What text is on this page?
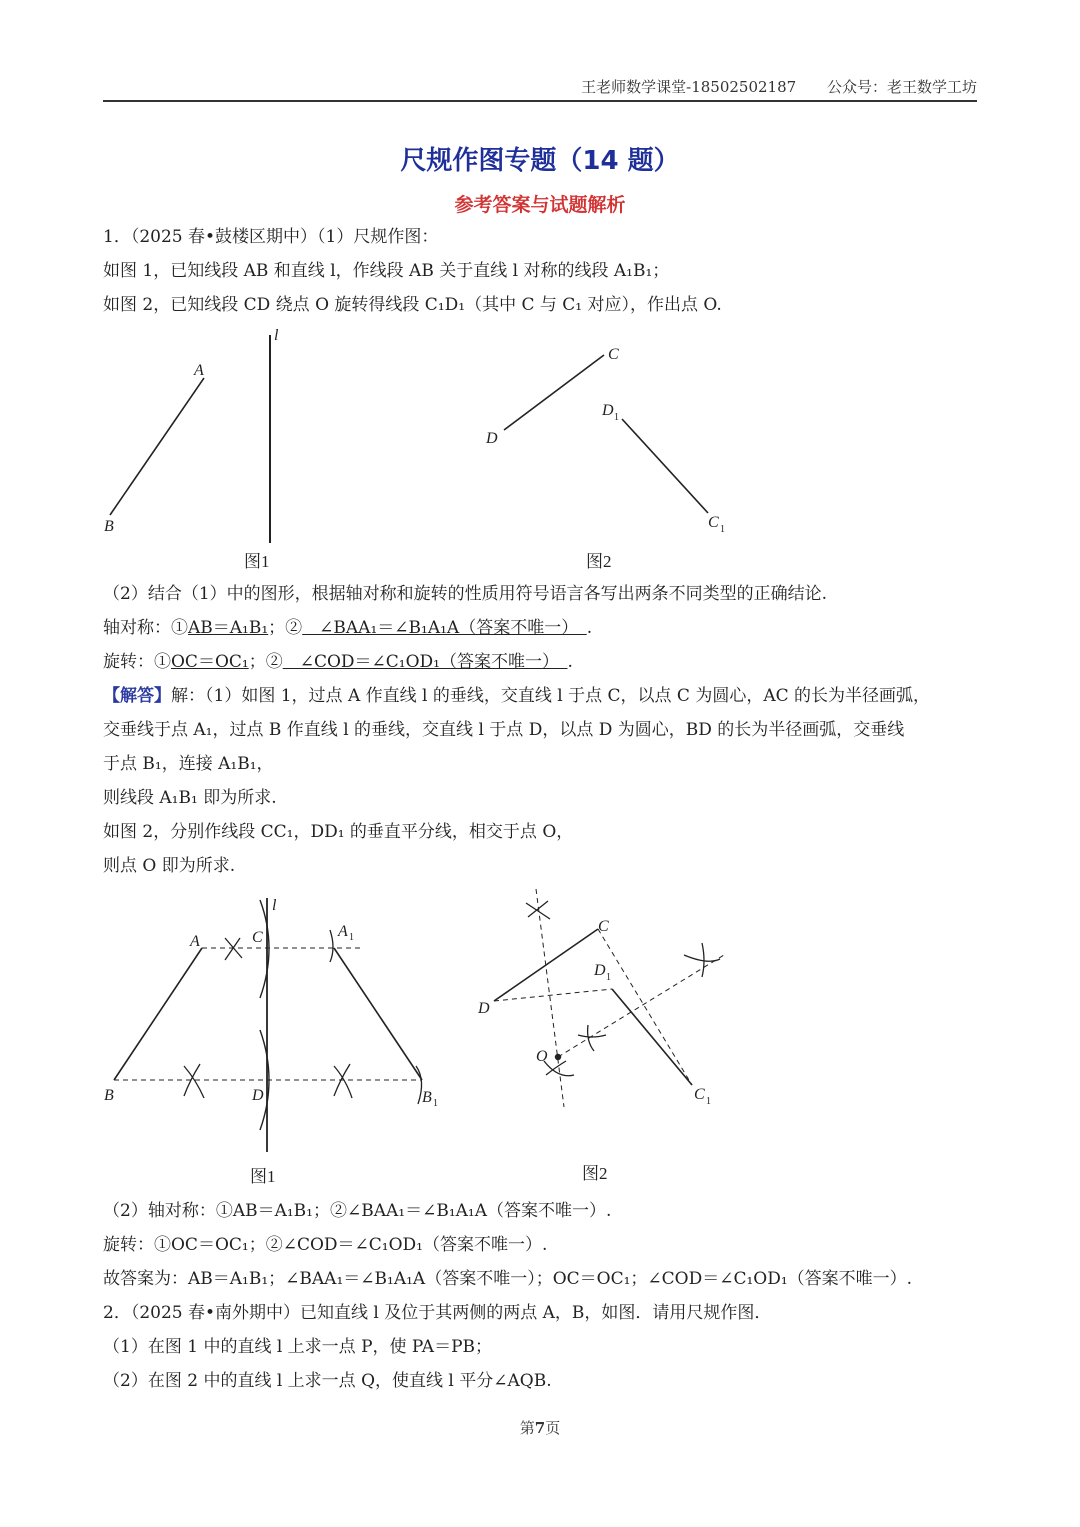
王老师数学课堂-18502502187 公众号：老王数学工坊
尺规作图专题（14 题）
参考答案与试题解析
1．（2025 春•鼓楼区期中）（1）尺规作图：
如图 1，已知线段 AB 和直线 l，作线段 AB 关于直线 l 对称的线段 A₁B₁；
如图 2，已知线段 CD 绕点 O 旋转得线段 C₁D₁（其中 C 与 C₁ 对应），作出点 O.
A
B
l
图1
C
D
D 1
C 1
图2
（2）结合（1）中的图形，根据轴对称和旋转的性质用符号语言各写出两条不同类型的正确结论.
轴对称：①AB＝A₁B₁；②　∠BAA₁＝∠B₁A₁A（答案不唯一）　.
旋转：①OC＝OC₁；②　∠COD＝∠C₁OD₁（答案不唯一）　.
【解答】解：（1）如图 1，过点 A 作直线 l 的垂线，交直线 l 于点 C，以点 C 为圆心，AC 的长为半径画弧，
交垂线于点 A₁，过点 B 作直线 l 的垂线，交直线 l 于点 D，以点 D 为圆心，BD 的长为半径画弧，交垂线
于点 B₁，连接 A₁B₁，
则线段 A₁B₁ 即为所求.
如图 2，分别作线段 CC₁，DD₁ 的垂直平分线，相交于点 O，
则点 O 即为所求.
A
B
C
D
A 1
B 1
l
图1
C
D
D 1
C 1
O
图2
（2）轴对称：①AB＝A₁B₁；②∠BAA₁＝∠B₁A₁A（答案不唯一）.
旋转：①OC＝OC₁；②∠COD＝∠C₁OD₁（答案不唯一）.
故答案为：AB＝A₁B₁；∠BAA₁＝∠B₁A₁A（答案不唯一）；OC＝OC₁；∠COD＝∠C₁OD₁（答案不唯一）.
2．（2025 春•南外期中）已知直线 l 及位于其两侧的两点 A，B，如图．请用尺规作图．
（1）在图 1 中的直线 l 上求一点 P，使 PA＝PB；
（2）在图 2 中的直线 l 上求一点 Q，使直线 l 平分∠AQB.
第7页
